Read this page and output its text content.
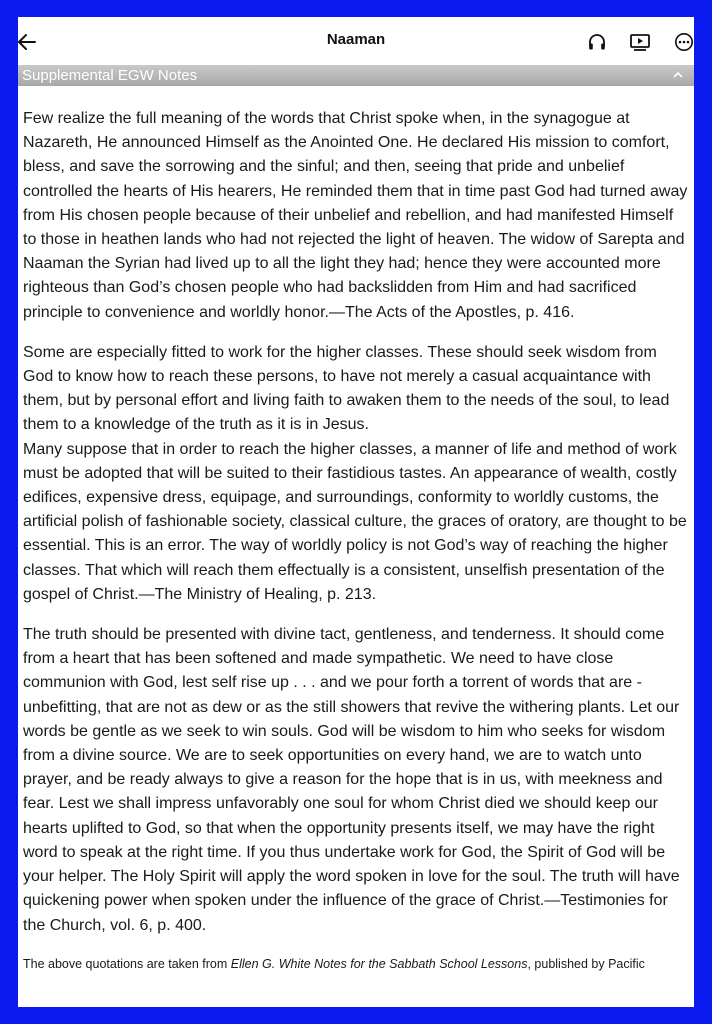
Naaman
Supplemental EGW Notes

Few realize the full meaning of the words that Christ spoke when, in the synagogue at Nazareth, He announced Himself as the Anointed One. He declared His mission to comfort, bless, and save the sorrowing and the sinful; and then, seeing that pride and unbelief controlled the hearts of His hearers, He reminded them that in time past God had turned away from His chosen people because of their unbelief and rebellion, and had manifested Himself to those in heathen lands who had not rejected the light of heaven. The widow of Sarepta and Naaman the Syrian had lived up to all the light they had; hence they were accounted more righteous than God’s chosen people who had backslidden from Him and had sacrificed principle to convenience and worldly honor.—The Acts of the Apostles, p. 416.

Some are especially fitted to work for the higher classes. These should seek wisdom from God to know how to reach these persons, to have not merely a casual acquaintance with them, but by personal effort and living faith to awaken them to the needs of the soul, to lead them to a knowledge of the truth as it is in Jesus.
Many suppose that in order to reach the higher classes, a manner of life and method of work must be adopted that will be suited to their fastidious tastes. An appearance of wealth, costly edifices, expensive dress, equipage, and surroundings, conformity to worldly customs, the artificial polish of fashionable society, classical culture, the graces of oratory, are thought to be essential. This is an error. The way of worldly policy is not God’s way of reaching the higher classes. That which will reach them effectually is a consistent, unselfish presentation of the gospel of Christ.—The Ministry of Healing, p. 213.

The truth should be presented with divine tact, gentleness, and tenderness. It should come from a heart that has been softened and made sympathetic. We need to have close communion with God, lest self rise up . . . and we pour forth a torrent of words that are - unbefitting, that are not as dew or as the still showers that revive the withering plants. Let our words be gentle as we seek to win souls. God will be wisdom to him who seeks for wisdom from a divine source. We are to seek opportunities on every hand, we are to watch unto prayer, and be ready always to give a reason for the hope that is in us, with meekness and fear. Lest we shall impress unfavorably one soul for whom Christ died we should keep our hearts uplifted to God, so that when the opportunity presents itself, we may have the right word to speak at the right time. If you thus undertake work for God, the Spirit of God will be your helper. The Holy Spirit will apply the word spoken in love for the soul. The truth will have quickening power when spoken under the influence of the grace of Christ.—Testimonies for the Church, vol. 6, p. 400.

The above quotations are taken from Ellen G. White Notes for the Sabbath School Lessons, published by Pacific
